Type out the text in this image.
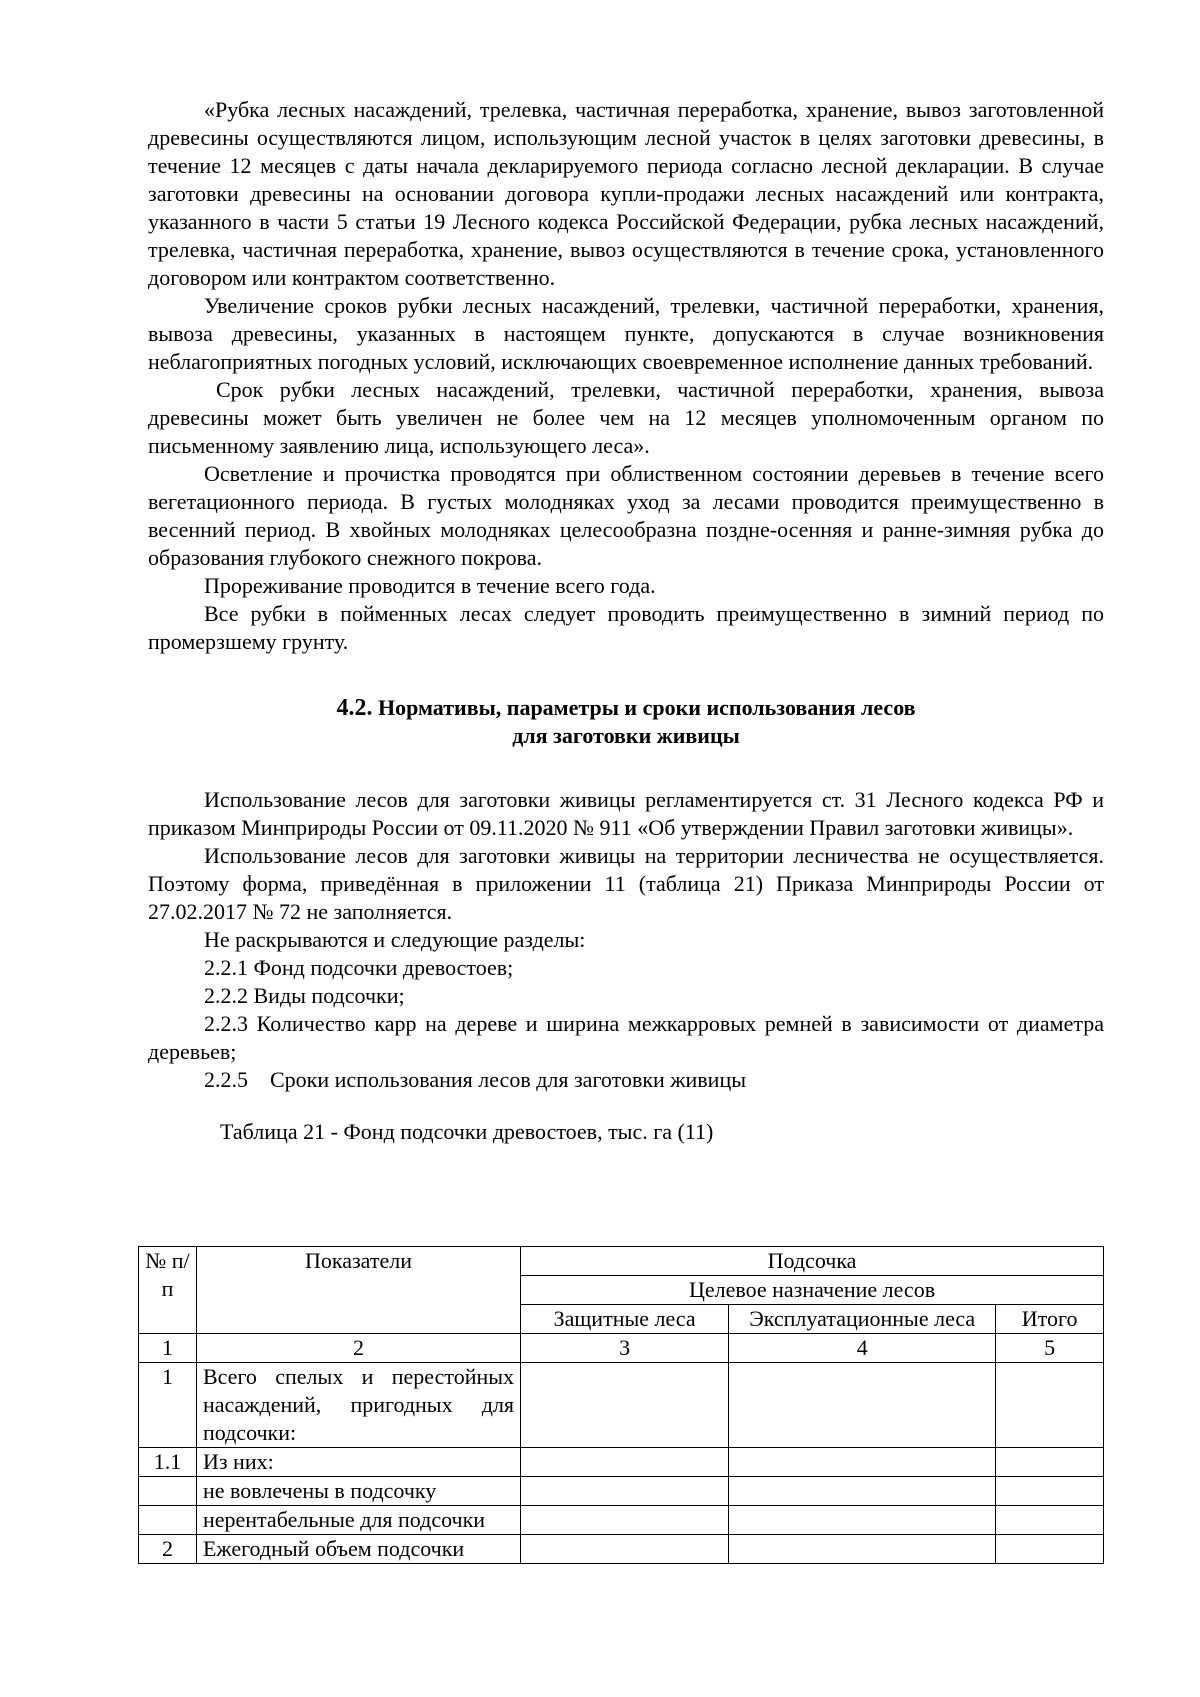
«Рубка лесных насаждений, трелевка, частичная переработка, хранение, вывоз заготовленной древесины осуществляются лицом, использующим лесной участок в целях заготовки древесины, в течение 12 месяцев с даты начала декларируемого периода согласно лесной декларации. В случае заготовки древесины на основании договора купли-продажи лесных насаждений или контракта, указанного в части 5 статьи 19 Лесного кодекса Российской Федерации, рубка лесных насаждений, трелевка, частичная переработка, хранение, вывоз осуществляются в течение срока, установленного договором или контрактом соответственно.

Увеличение сроков рубки лесных насаждений, трелевки, частичной переработки, хранения, вывоза древесины, указанных в настоящем пункте, допускаются в случае возникновения неблагоприятных погодных условий, исключающих своевременное исполнение данных требований.

Срок рубки лесных насаждений, трелевки, частичной переработки, хранения, вывоза древесины может быть увеличен не более чем на 12 месяцев уполномоченным органом по письменному заявлению лица, использующего леса».

Осветление и прочистка проводятся при облиственном состоянии деревьев в течение всего вегетационного периода. В густых молодняках уход за лесами проводится преимущественно в весенний период. В хвойных молодняках целесообразна поздне-осенняя и ранне-зимняя рубка до образования глубокого снежного покрова.

Прореживание проводится в течение всего года.

Все рубки в пойменных лесах следует проводить преимущественно в зимний период по промерзшему грунту.

4.2. Нормативы, параметры и сроки использования лесов
для заготовки живицы

Использование лесов для заготовки живицы регламентируется ст. 31 Лесного кодекса РФ и приказом Минприроды России от 09.11.2020 № 911 «Об утверждении Правил заготовки живицы».

Использование лесов для заготовки живицы на территории лесничества не осуществляется. Поэтому форма, приведённая в приложении 11 (таблица 21) Приказа Минприроды России от 27.02.2017 № 72 не заполняется.

Не раскрываются и следующие разделы:

2.2.1 Фонд подсочки древостоев;

2.2.2 Виды подсочки;

2.2.3 Количество карр на дереве и ширина межкарровых ремней в зависимости от диаметра деревьев;

2.2.5    Сроки использования лесов для заготовки живицы

Таблица 21 - Фонд подсочки древостоев, тыс. га (11)

№ п/п	Показатели	Подсочка		
		Целевое назначение лесов		
		Защитные леса	Эксплуатационные леса	Итого
1	2	3	4	5
1	Всего спелых и перестойных насаждений, пригодных для подсочки:			
1.1	Из них:			
	не вовлечены в подсочку			
	нерентабельные для подсочки			
2	Ежегодный объем подсочки			
